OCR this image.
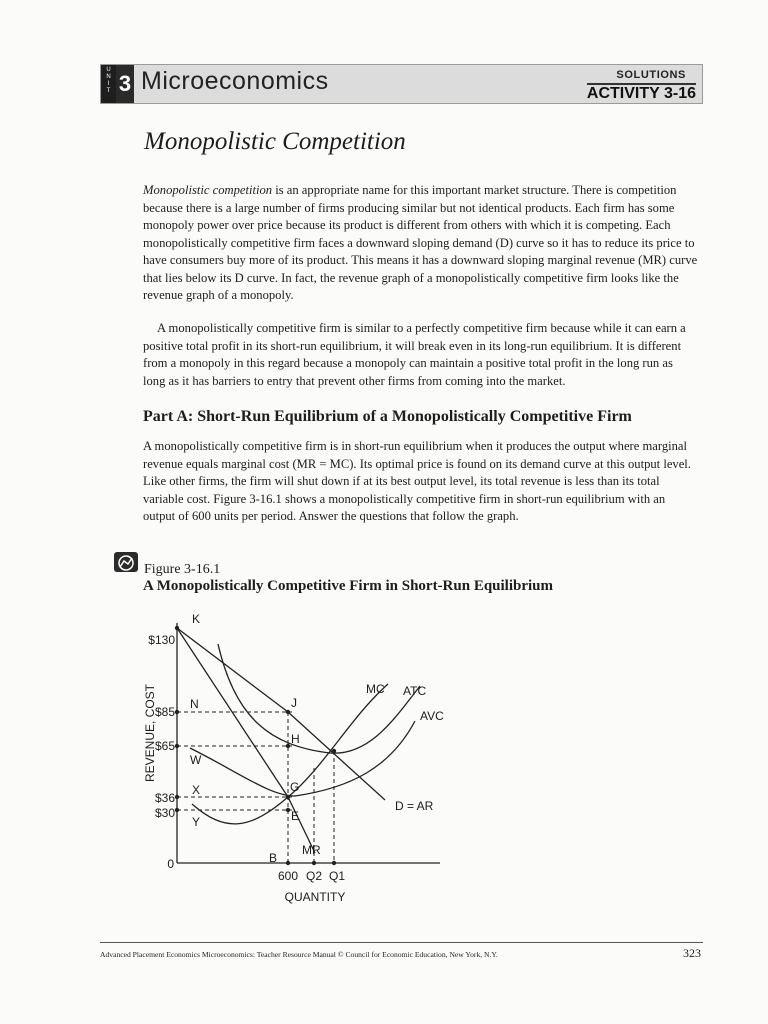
U
N
I
T 3 Microeconomics	SOLUTIONS
ACTIVITY 3-16
Monopolistic Competition

Monopolistic competition is an appropriate name for this important market structure. There is competition because there is a large number of firms producing similar but not identical products. Each firm has some monopoly power over price because its product is different from others with which it is competing. Each monopolistically competitive firm faces a downward sloping demand (D) curve so it has to reduce its price to have consumers buy more of its product. This means it has a downward sloping marginal revenue (MR) curve that lies below its D curve. In fact, the revenue graph of a monopolistically competitive firm looks like the revenue graph of a monopoly.

A monopolistically competitive firm is similar to a perfectly competitive firm because while it can earn a positive total profit in its short-run equilibrium, it will break even in its long-run equilibrium. It is different from a monopoly in this regard because a monopoly can maintain a positive total profit in the long run as long as it has barriers to entry that prevent other firms from coming into the market.

Part A: Short-Run Equilibrium of a Monopolistically Competitive Firm

A monopolistically competitive firm is in short-run equilibrium when it produces the output where marginal revenue equals marginal cost (MR = MC). Its optimal price is found on its demand curve at this output level. Like other firms, the firm will shut down if at its best output level, its total revenue is less than its total variable cost. Figure 3-16.1 shows a monopolistically competitive firm in short-run equilibrium with an output of 600 units per period. Answer the questions that follow the graph.

Figure 3-16.1
A Monopolistically Competitive Firm in Short-Run Equilibrium
REVENUE, COST
QUANTITY
$130
$85
$65
$36
$30
0
600 Q2 Q1
K
N	J
H
W
X	G
E
Y
B
MC ATC
AVC
D = AR
MR
Advanced Placement Economics Microeconomics: Teacher Resource Manual © Council for Economic Education, New York, N.Y.	323
